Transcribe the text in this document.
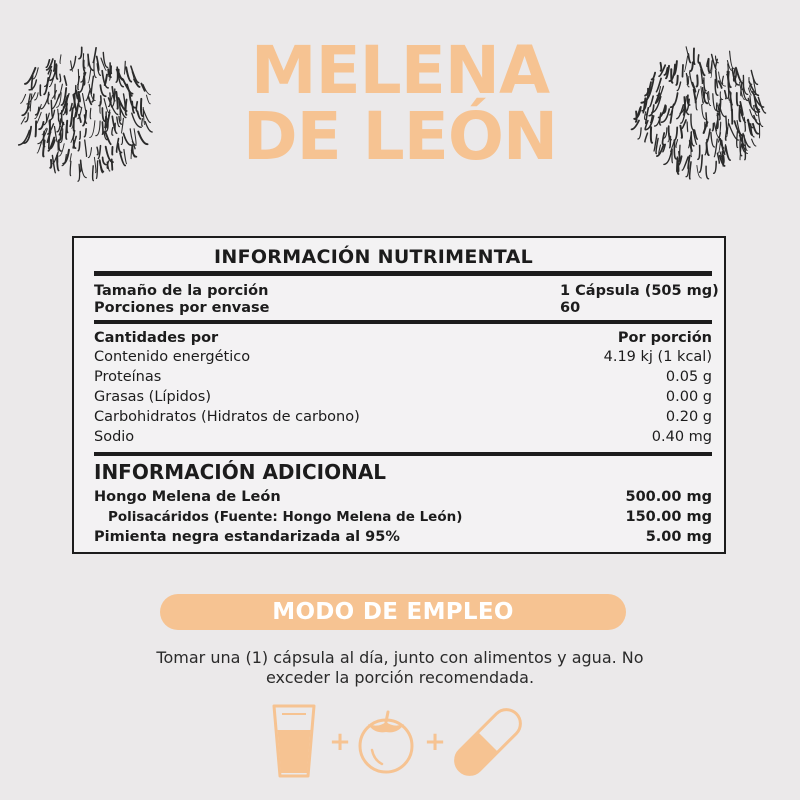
MELENA
DE LEÓN
INFORMACIÓN NUTRIMENTAL
Tamaño de la porción	1 Cápsula (505 mg)
Porciones por envase	60
Cantidades por	Por porción
Contenido energético	4.19 kj (1 kcal)
Proteínas	0.05 g
Grasas (Lípidos)	0.00 g
Carbohidratos (Hidratos de carbono)	0.20 g
Sodio	0.40 mg
INFORMACIÓN ADICIONAL
Hongo Melena de León	500.00 mg
Polisacáridos (Fuente: Hongo Melena de León)	150.00 mg
Pimienta negra estandarizada al 95%	5.00 mg
MODO DE EMPLEO
Tomar una (1) cápsula al día, junto con alimentos y agua. No
exceder la porción recomendada.
+	+
